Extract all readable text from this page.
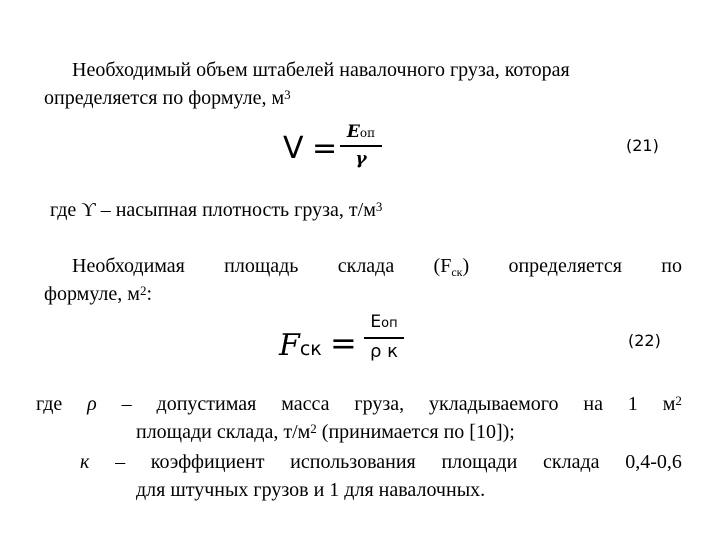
Необходимый объем штабелей навалочного груза, которая
определяется по формуле, $м^3$
V = Eоп
γ
(21)
где ϒ – насыпная плотность груза, $т/м^3$
Необходимая площадь склада $(F_{ск})$ определяется по
формуле, $м^2$:
Fск =
Eоп
ρ к
(22)
где ρ – допустимая масса груза, укладываемого на 1 $м^2$
площади склада, $т/м^2$ (принимается по [10]);
к – коэффициент использования площади склада 0,4-0,6
для штучных грузов и 1 для навалочных.
